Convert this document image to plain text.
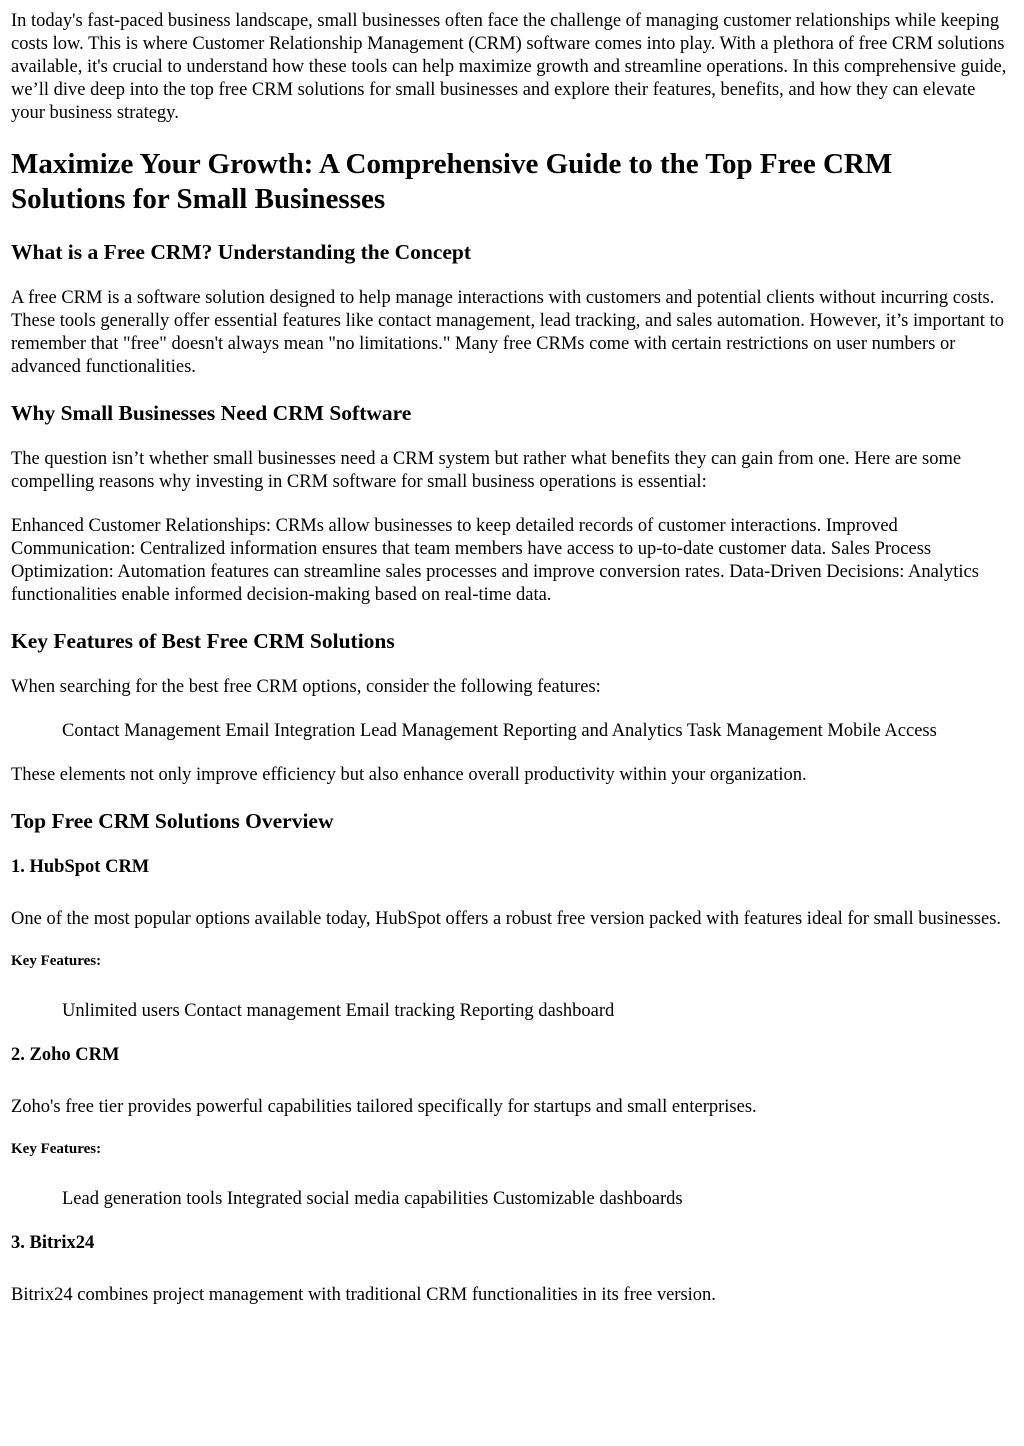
In today's fast-paced business landscape, small businesses often face the challenge of managing customer relationships while keeping costs low. This is where Customer Relationship Management (CRM) software comes into play. With a plethora of free CRM solutions available, it's crucial to understand how these tools can help maximize growth and streamline operations. In this comprehensive guide, we’ll dive deep into the top free CRM solutions for small businesses and explore their features, benefits, and how they can elevate your business strategy.

Maximize Your Growth: A Comprehensive Guide to the Top Free CRM Solutions for Small Businesses
What is a Free CRM? Understanding the Concept

A free CRM is a software solution designed to help manage interactions with customers and potential clients without incurring costs. These tools generally offer essential features like contact management, lead tracking, and sales automation. However, it’s important to remember that "free" doesn't always mean "no limitations." Many free CRMs come with certain restrictions on user numbers or advanced functionalities.

Why Small Businesses Need CRM Software

The question isn’t whether small businesses need a CRM system but rather what benefits they can gain from one. Here are some compelling reasons why investing in CRM software for small business operations is essential:

Enhanced Customer Relationships: CRMs allow businesses to keep detailed records of customer interactions. Improved Communication: Centralized information ensures that team members have access to up-to-date customer data. Sales Process Optimization: Automation features can streamline sales processes and improve conversion rates. Data-Driven Decisions: Analytics functionalities enable informed decision-making based on real-time data.

Key Features of Best Free CRM Solutions

When searching for the best free CRM options, consider the following features:

Contact Management Email Integration Lead Management Reporting and Analytics Task Management Mobile Access

These elements not only improve efficiency but also enhance overall productivity within your organization.

Top Free CRM Solutions Overview
1. HubSpot CRM

One of the most popular options available today, HubSpot offers a robust free version packed with features ideal for small businesses.

Key Features:

Unlimited users Contact management Email tracking Reporting dashboard

2. Zoho CRM

Zoho's free tier provides powerful capabilities tailored specifically for startups and small enterprises.

Key Features:

Lead generation tools Integrated social media capabilities Customizable dashboards

3. Bitrix24

Bitrix24 combines project management with traditional CRM functionalities in its free version.
